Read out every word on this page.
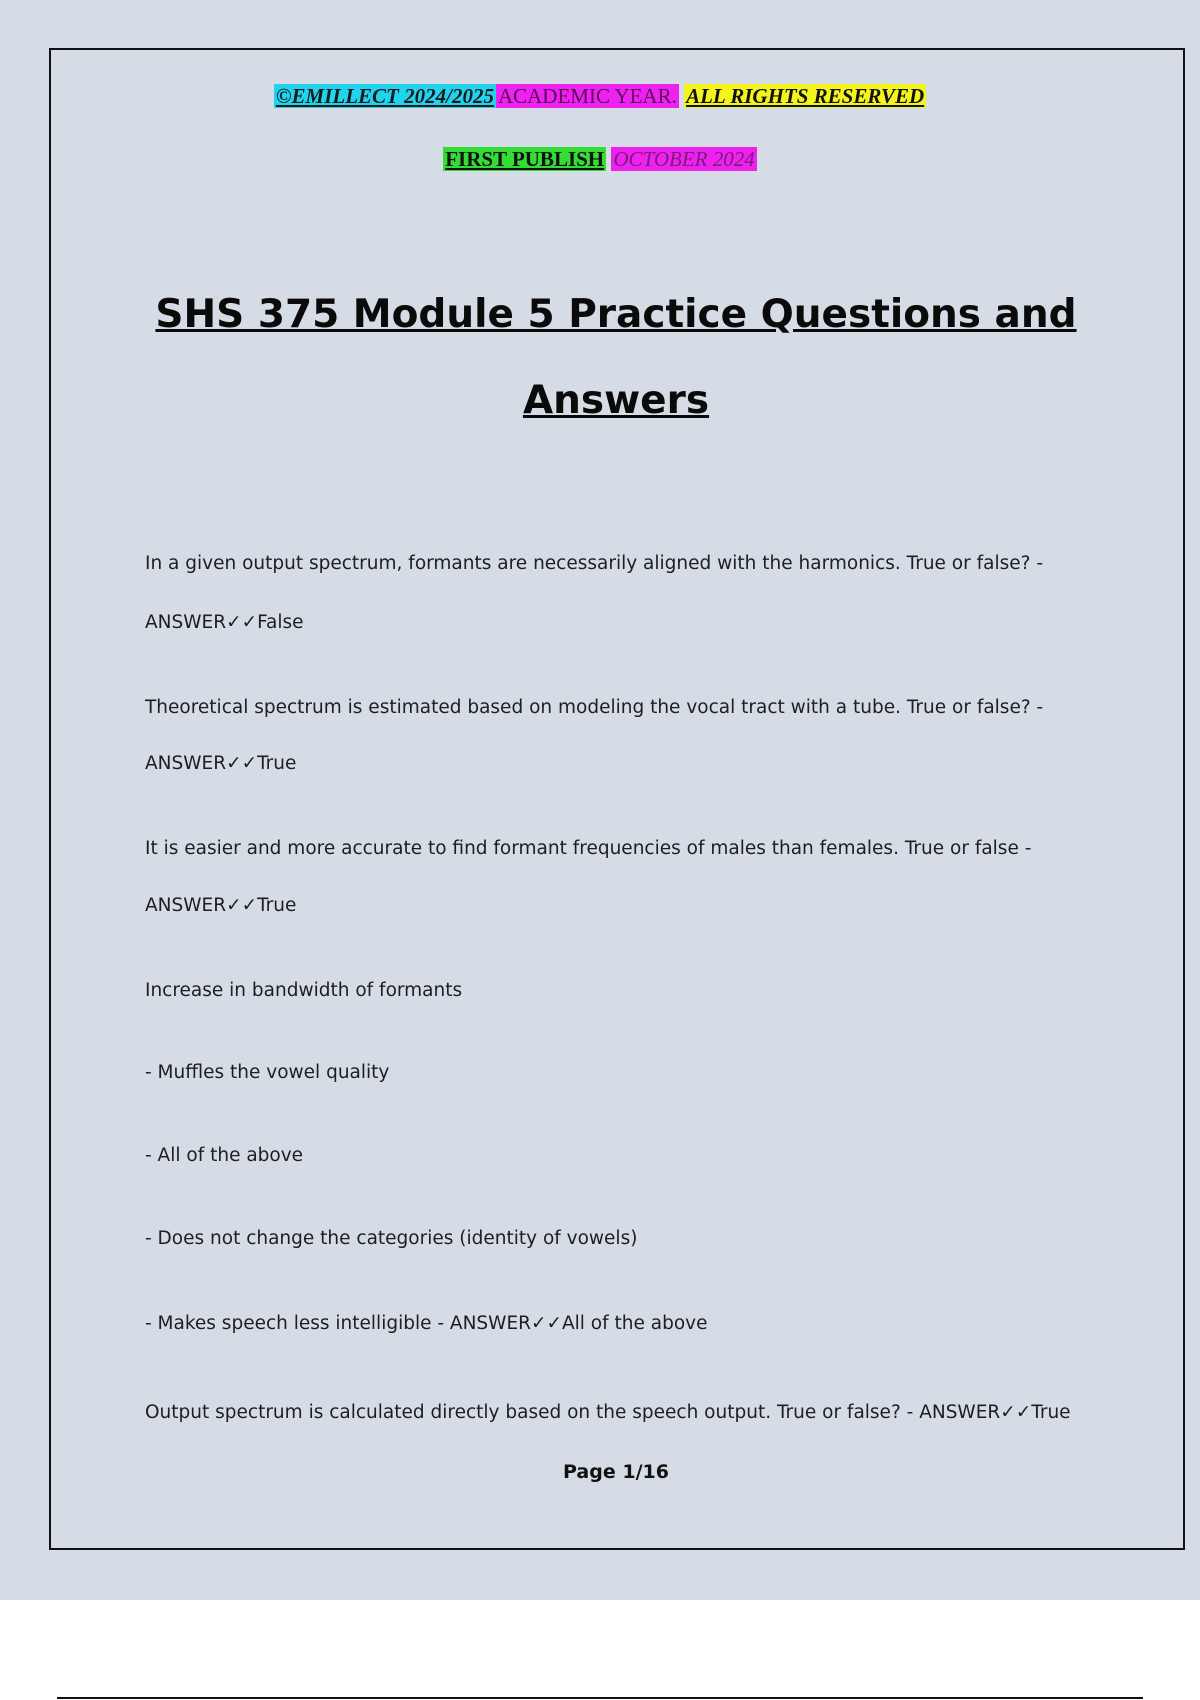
©EMILLECT 2024/2025 ACADEMIC YEAR. ALL RIGHTS RESERVED
FIRST PUBLISH OCTOBER 2024
SHS 375 Module 5 Practice Questions and
Answers
In a given output spectrum, formants are necessarily aligned with the harmonics. True or false? -
ANSWER✓✓False
Theoretical spectrum is estimated based on modeling the vocal tract with a tube. True or false? -
ANSWER✓✓True
It is easier and more accurate to find formant frequencies of males than females. True or false -
ANSWER✓✓True
Increase in bandwidth of formants
- Muffles the vowel quality
- All of the above
- Does not change the categories (identity of vowels)
- Makes speech less intelligible - ANSWER✓✓All of the above
Output spectrum is calculated directly based on the speech output. True or false? - ANSWER✓✓True
Page 1/16
